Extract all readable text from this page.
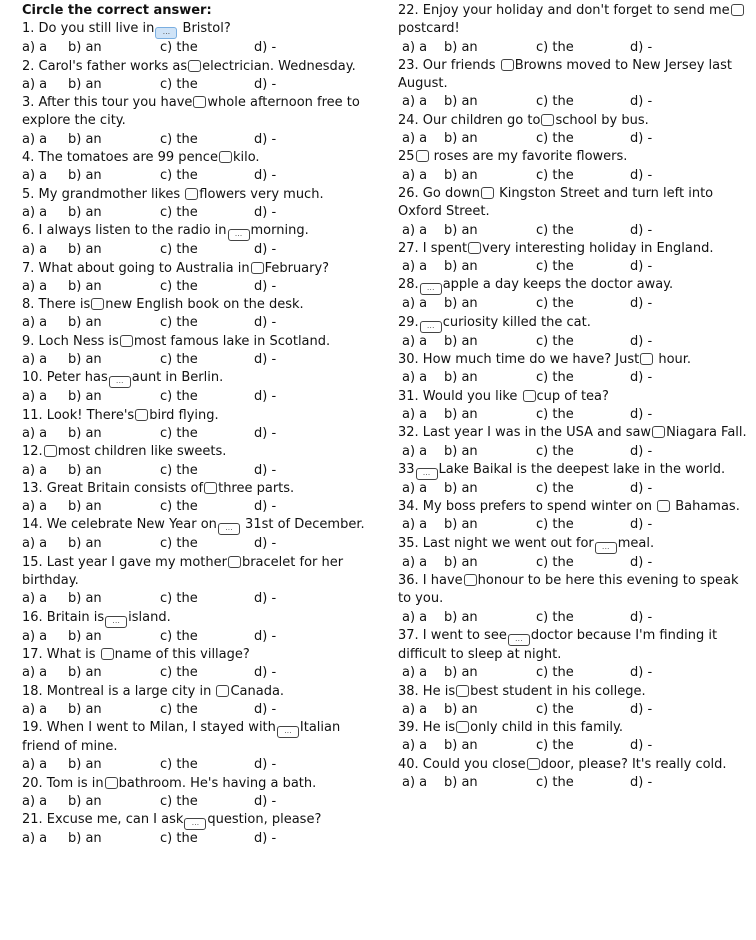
Circle the correct answer:
1. Do you still live in ... Bristol?
a) a b) an	c) the	d) -
2. Carol's father works as electrician. Wednesday.
a) a b) an	c) the	d) -
3. After this tour you have whole afternoon free to explore the city.
a) a b) an	c) the	d) -
4. The tomatoes are 99 pence kilo.
a) a b) an	c) the	d) -
5. My grandmother likes flowers very much.
a) a b) an	c) the	d) -
6. I always listen to the radio in ... morning.
a) a b) an	c) the	d) -
7. What about going to Australia in February?
a) a b) an	c) the	d) -
8. There is new English book on the desk.
a) a b) an	c) the	d) -
9. Loch Ness is most famous lake in Scotland.
a) a b) an	c) the	d) -
10. Peter has ... aunt in Berlin.
a) a b) an	c) the	d) -
11. Look! There's bird flying.
a) a b) an	c) the	d) -
12. most children like sweets.
a) a b) an	c) the	d) -
13. Great Britain consists of three parts.
a) a b) an	c) the	d) -
14. We celebrate New Year on ... 31st of December.
a) a b) an	c) the	d) -
15. Last year I gave my mother bracelet for her birthday.
a) a b) an	c) the	d) -
16. Britain is ... island.
a) a b) an	c) the	d) -
17. What is name of this village?
a) a b) an	c) the	d) -
18. Montreal is a large city in Canada.
a) a b) an	c) the	d) -
19. When I went to Milan, I stayed with ... Italian friend of mine.
a) a b) an	c) the	d) -
20. Tom is in bathroom. He's having a bath.
a) a b) an	c) the	d) -
21. Excuse me, can I ask ... question, please?
a) a b) an	c) the	d) -
22. Enjoy your holiday and don't forget to send mepostcard!
a) a b) an	c) the	d) -
23. Our friends Browns moved to New Jersey last August.
a) a b) an	c) the	d) -
24. Our children go to school by bus.
a) a b) an	c) the	d) -
25 roses are my favorite flowers.
a) a b) an	c) the	d) -
26. Go down Kingston Street and turn left into Oxford Street.
a) a b) an	c) the	d) -
27. I spent very interesting holiday in England.
a) a b) an	c) the	d) -
28. ... apple a day keeps the doctor away.
a) a b) an	c) the	d) -
29. ... curiosity killed the cat.
a) a b) an	c) the	d) -
30. How much time do we have? Just hour.
a) a b) an	c) the	d) -
31. Would you like cup of tea?
a) a b) an	c) the	d) -
32. Last year I was in the USA and saw Niagara Fall.
a) a b) an	c) the	d) -
33 ... Lake Baikal is the deepest lake in the world.
a) a b) an	c) the	d) -
34. My boss prefers to spend winter on  Bahamas.
a) a b) an	c) the	d) -
35. Last night we went out for ... meal.
a) a b) an	c) the	d) -
36. I have honour to be here this evening to speak to you.
a) a b) an	c) the	d) -
37. I went to see ... doctor because I'm finding it difficult to sleep at night.
a) a b) an	c) the	d) -
38. He is best student in his college.
a) a b) an	c) the	d) -
39. He is only child in this family.
a) a b) an	c) the	d) -
40. Could you close door, please? It's really cold.
a) a b) an	c) the	d) -
